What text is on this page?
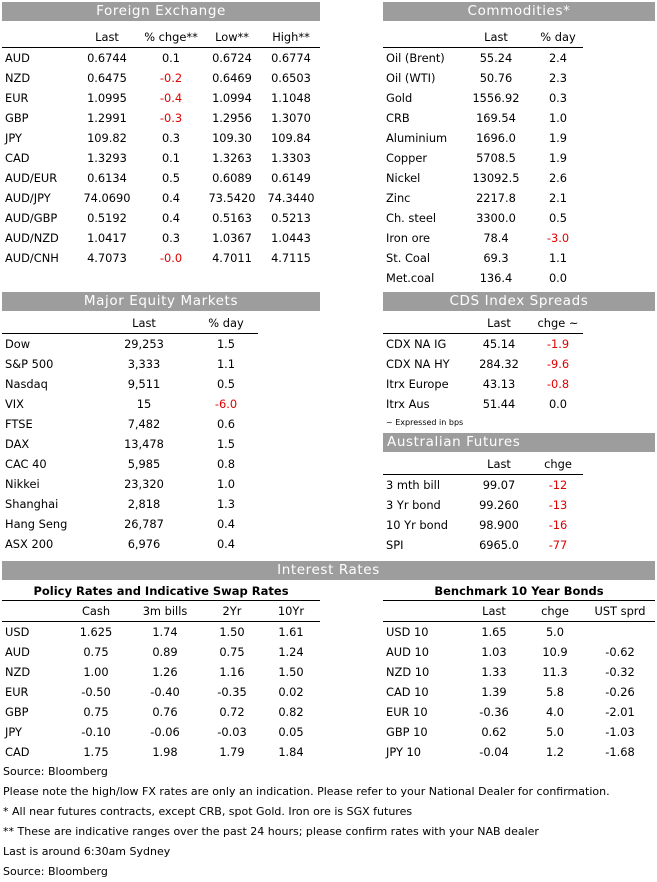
Foreign Exchange
	Last	% chge**	Low**	High**
AUD	0.6744	0.1	0.6724	0.6774
NZD	0.6475	-0.2	0.6469	0.6503
EUR	1.0995	-0.4	1.0994	1.1048
GBP	1.2991	-0.3	1.2956	1.3070
JPY	109.82	0.3	109.30	109.84
CAD	1.3293	0.1	1.3263	1.3303
AUD/EUR	0.6134	0.5	0.6089	0.6149
AUD/JPY	74.0690	0.4	73.5420	74.3440
AUD/GBP	0.5192	0.4	0.5163	0.5213
AUD/NZD	1.0417	0.3	1.0367	1.0443
AUD/CNH	4.7073	-0.0	4.7011	4.7115
Commodities*
	Last	% day
Oil (Brent)	55.24	2.4
Oil (WTI)	50.76	2.3
Gold	1556.92	0.3
CRB	169.54	1.0
Aluminium	1696.0	1.9
Copper	5708.5	1.9
Nickel	13092.5	2.6
Zinc	2217.8	2.1
Ch. steel	3300.0	0.5
Iron ore	78.4	-3.0
St. Coal	69.3	1.1
Met.coal	136.4	0.0
Major Equity Markets
	Last	% day
Dow	29,253	1.5
S&P 500	3,333	1.1
Nasdaq	9,511	0.5
VIX	15	-6.0
FTSE	7,482	0.6
DAX	13,478	1.5
CAC 40	5,985	0.8
Nikkei	23,320	1.0
Shanghai	2,818	1.3
Hang Seng	26,787	0.4
ASX 200	6,976	0.4
CDS Index Spreads
	Last	chge ~
CDX NA IG	45.14	-1.9
CDX NA HY	284.32	-9.6
Itrx Europe	43.13	-0.8
Itrx Aus	51.44	0.0
~ Expressed in bps
Australian Futures
	Last	chge
3 mth bill	99.07	-12
3 Yr bond	99.260	-13
10 Yr bond	98.900	-16
SPI	6965.0	-77
Interest Rates
Policy Rates and Indicative Swap Rates
	Cash	3m bills	2Yr	10Yr
USD	1.625	1.74	1.50	1.61
AUD	0.75	0.89	0.75	1.24
NZD	1.00	1.26	1.16	1.50
EUR	-0.50	-0.40	-0.35	0.02
GBP	0.75	0.76	0.72	0.82
JPY	-0.10	-0.06	-0.03	0.05
CAD	1.75	1.98	1.79	1.84
Benchmark 10 Year Bonds
	Last	chge	UST sprd
USD 10	1.65	5.0	
AUD 10	1.03	10.9	-0.62
NZD 10	1.33	11.3	-0.32
CAD 10	1.39	5.8	-0.26
EUR 10	-0.36	4.0	-2.01
GBP 10	0.62	5.0	-1.03
JPY 10	-0.04	1.2	-1.68
Source: Bloomberg
Please note the high/low FX rates are only an indication. Please refer to your National Dealer for confirmation.
* All near futures contracts, except CRB, spot Gold. Iron ore is SGX futures
** These are indicative ranges over the past 24 hours; please confirm rates with your NAB dealer
Last is around 6:30am Sydney
Source: Bloomberg
